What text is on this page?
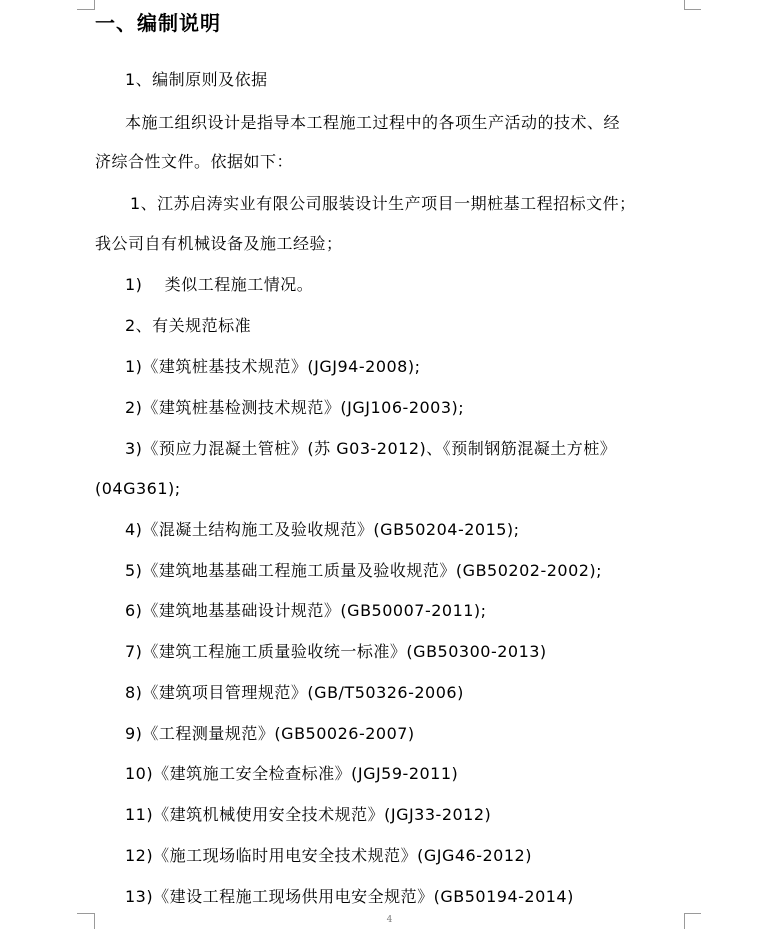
一、编制说明
1、编制原则及依据
本施工组织设计是指导本工程施工过程中的各项生产活动的技术、经
济综合性文件。依据如下：
1、江苏启涛实业有限公司服装设计生产项目一期桩基工程招标文件；
我公司自有机械设备及施工经验；
1)    类似工程施工情况。
2、有关规范标准
1)《建筑桩基技术规范》(JGJ94-2008);
2)《建筑桩基检测技术规范》(JGJ106-2003);
3)《预应力混凝土管桩》(苏 G03-2012)、《预制钢筋混凝土方桩》
(04G361);
4)《混凝土结构施工及验收规范》(GB50204-2015);
5)《建筑地基基础工程施工质量及验收规范》(GB50202-2002);
6)《建筑地基基础设计规范》(GB50007-2011);
7)《建筑工程施工质量验收统一标准》(GB50300-2013)
8)《建筑项目管理规范》(GB/T50326-2006)
9)《工程测量规范》(GB50026-2007)
10)《建筑施工安全检查标准》(JGJ59-2011)
11)《建筑机械使用安全技术规范》(JGJ33-2012)
12)《施工现场临时用电安全技术规范》(GJG46-2012)
13)《建设工程施工现场供用电安全规范》(GB50194-2014)
4
